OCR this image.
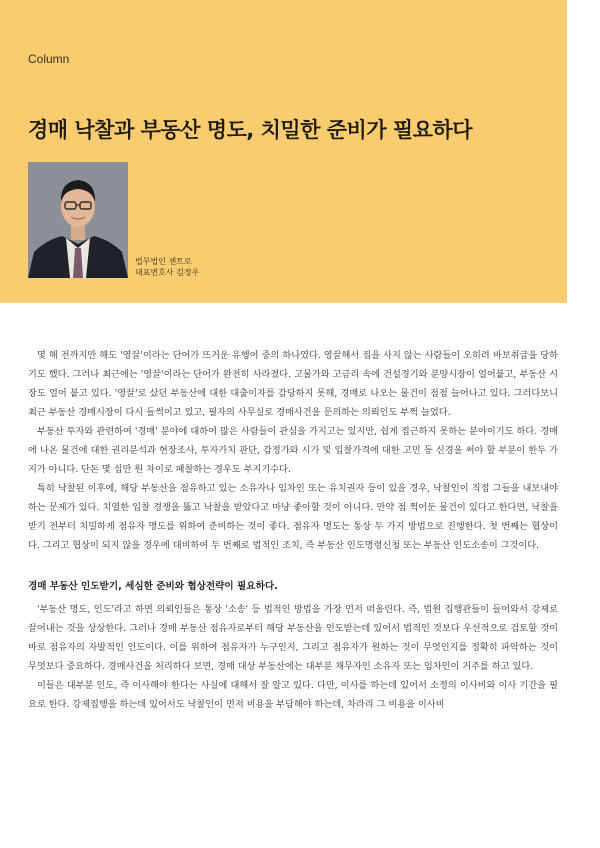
Column
경매 낙찰과 부동산 명도, 치밀한 준비가 필요하다
법무법인 센트로
대표변호사 김정우

몇 해 전까지만 해도 '영끌'이라는 단어가 뜨거운 유행어 중의 하나였다. 영끌해서 집을 사지 않는 사람들이 오히려 바보취급을 당하기도 했다. 그러나 최근에는 '영끌'이라는 단어가 완전히 사라졌다. 고물가와 고금리 속에 건설경기와 분양시장이 얼어붙고, 부동산 시장도 얼어 붙고 있다. '영끌'로 샀던 부동산에 대한 대출이자를 감당하지 못해, 경매로 나오는 물건이 점점 늘어나고 있다. 그러다보니 최근 부동산 경매시장이 다시 들썩이고 있고, 필자의 사무실로 경매사건을 문의하는 의뢰인도 부쩍 늘었다.

부동산 투자와 관련하여 '경매' 분야에 대하여 많은 사람들이 관심을 가지고는 있지만, 쉽게 접근하지 못하는 분야이기도 하다. 경매에 나온 물건에 대한 권리분석과 현장조사, 투자가치 판단, 감정가와 시가 및 입찰가격에 대한 고민 등 신경을 써야 할 부분이 한두 가지가 아니다. 단돈 몇 십만 원 차이로 패찰하는 경우도 부지기수다.

특히 낙찰된 이후에, 해당 부동산을 점유하고 있는 소유자나 임차인 또는 유치권자 등이 있을 경우, 낙찰인이 직접 그들을 내보내야 하는 문제가 있다. 치열한 입찰 경쟁을 뚫고 낙찰을 받았다고 마냥 좋아할 것이 아니다. 만약 점 찍어둔 물건이 있다고 한다면, 낙찰을 받기 전부터 치밀하게 점유자 명도를 위하여 준비하는 것이 좋다. 점유자 명도는 통상 두 가지 방법으로 진행한다. 첫 번째는 협상이다. 그리고 협상이 되지 않을 경우에 대비하여 두 번째로 법적인 조치, 즉 부동산 인도명령신청 또는 부동산 인도소송이 그것이다.

경매 부동산 인도받기, 세심한 준비와 협상전략이 필요하다.

'부동산 명도, 인도'라고 하면 의뢰인들은 통상 '소송' 등 법적인 방법을 가장 먼저 떠올린다. 즉, 법원 집행관들이 들어와서 강제로 끌어내는 것을 상상한다. 그러나 경매 부동산 점유자로부터 해당 부동산을 인도받는데 있어서 법적인 것보다 우선적으로 검토할 것이 바로 점유자의 자발적인 인도이다. 이를 위하여 점유자가 누구인지, 그리고 점유자가 원하는 것이 무엇인지를 정확히 파악하는 것이 무엇보다 중요하다. 경매사건을 처리하다 보면, 경매 대상 부동산에는 대부분 채무자인 소유자 또는 임차인이 거주를 하고 있다.

이들은 대부분 인도, 즉 이사해야 한다는 사실에 대해서 잘 알고 있다. 다만, 이사를 하는데 있어서 소정의 이사비와 이사 기간을 필요로 한다. 강제집행을 하는데 있어서도 낙찰인이 먼저 비용을 부담해야 하는데, 차라리 그 비용을 이사비
